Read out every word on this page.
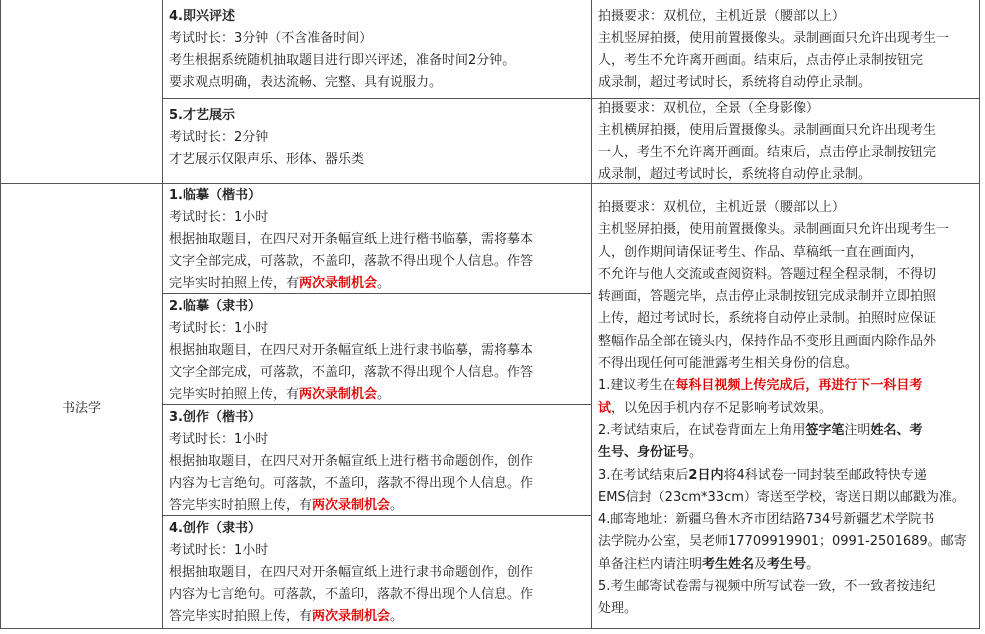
书法学

4.即兴评述

考试时长：3分钟（不含准备时间）

考生根据系统随机抽取题目进行即兴评述，准备时间2分钟。

要求观点明确，表达流畅、完整、具有说服力。

5.才艺展示

考试时长：2分钟

才艺展示仅限声乐、形体、器乐类

拍摄要求：双机位，主机近景（腰部以上）

主机竖屏拍摄，使用前置摄像头。录制画面只允许出现考生一

人，考生不允许离开画面。结束后，点击停止录制按钮完

成录制，超过考试时长，系统将自动停止录制。

拍摄要求：双机位，全景（全身影像）

主机横屏拍摄，使用后置摄像头。录制画面只允许出现考生

一人，考生不允许离开画面。结束后，点击停止录制按钮完

成录制，超过考试时长，系统将自动停止录制。

1.临摹（楷书）

考试时长：1小时

根据抽取题目，在四尺对开条幅宣纸上进行楷书临摹，需将摹本

文字全部完成，可落款，不盖印，落款不得出现个人信息。作答

完毕实时拍照上传，有两次录制机会。

2.临摹（隶书）

考试时长：1小时

根据抽取题目，在四尺对开条幅宣纸上进行隶书临摹，需将摹本

文字全部完成，可落款，不盖印，落款不得出现个人信息。作答

完毕实时拍照上传，有两次录制机会。

3.创作（楷书）

考试时长：1小时

根据抽取题目，在四尺对开条幅宣纸上进行楷书命题创作，创作

内容为七言绝句。可落款，不盖印，落款不得出现个人信息。作

答完毕实时拍照上传，有两次录制机会。

4.创作（隶书）

考试时长：1小时

根据抽取题目，在四尺对开条幅宣纸上进行隶书命题创作，创作

内容为七言绝句。可落款，不盖印，落款不得出现个人信息。作

答完毕实时拍照上传，有两次录制机会。

拍摄要求：双机位，主机近景（腰部以上）

主机竖屏拍摄，使用前置摄像头。录制画面只允许出现考生一

人，创作期间请保证考生、作品、草稿纸一直在画面内，

不允许与他人交流或查阅资料。答题过程全程录制，不得切

转画面，答题完毕，点击停止录制按钮完成录制并立即拍照

上传，超过考试时长，系统将自动停止录制。拍照时应保证

整幅作品全部在镜头内，保持作品不变形且画面内除作品外

不得出现任何可能泄露考生相关身份的信息。

1.建议考生在每科目视频上传完成后，再进行下一科目考

试，以免因手机内存不足影响考试效果。

2.考试结束后，在试卷背面左上角用签字笔注明姓名、考

生号、身份证号。

3.在考试结束后2日内将4科试卷一同封装至邮政特快专递

EMS信封（23cm*33cm）寄送至学校，寄送日期以邮戳为准。

4.邮寄地址：新疆乌鲁木齐市团结路734号新疆艺术学院书

法学院办公室，吴老师17709919901；0991-2501689。邮寄

单备注栏内请注明考生姓名及考生号。

5.考生邮寄试卷需与视频中所写试卷一致，不一致者按违纪

处理。
